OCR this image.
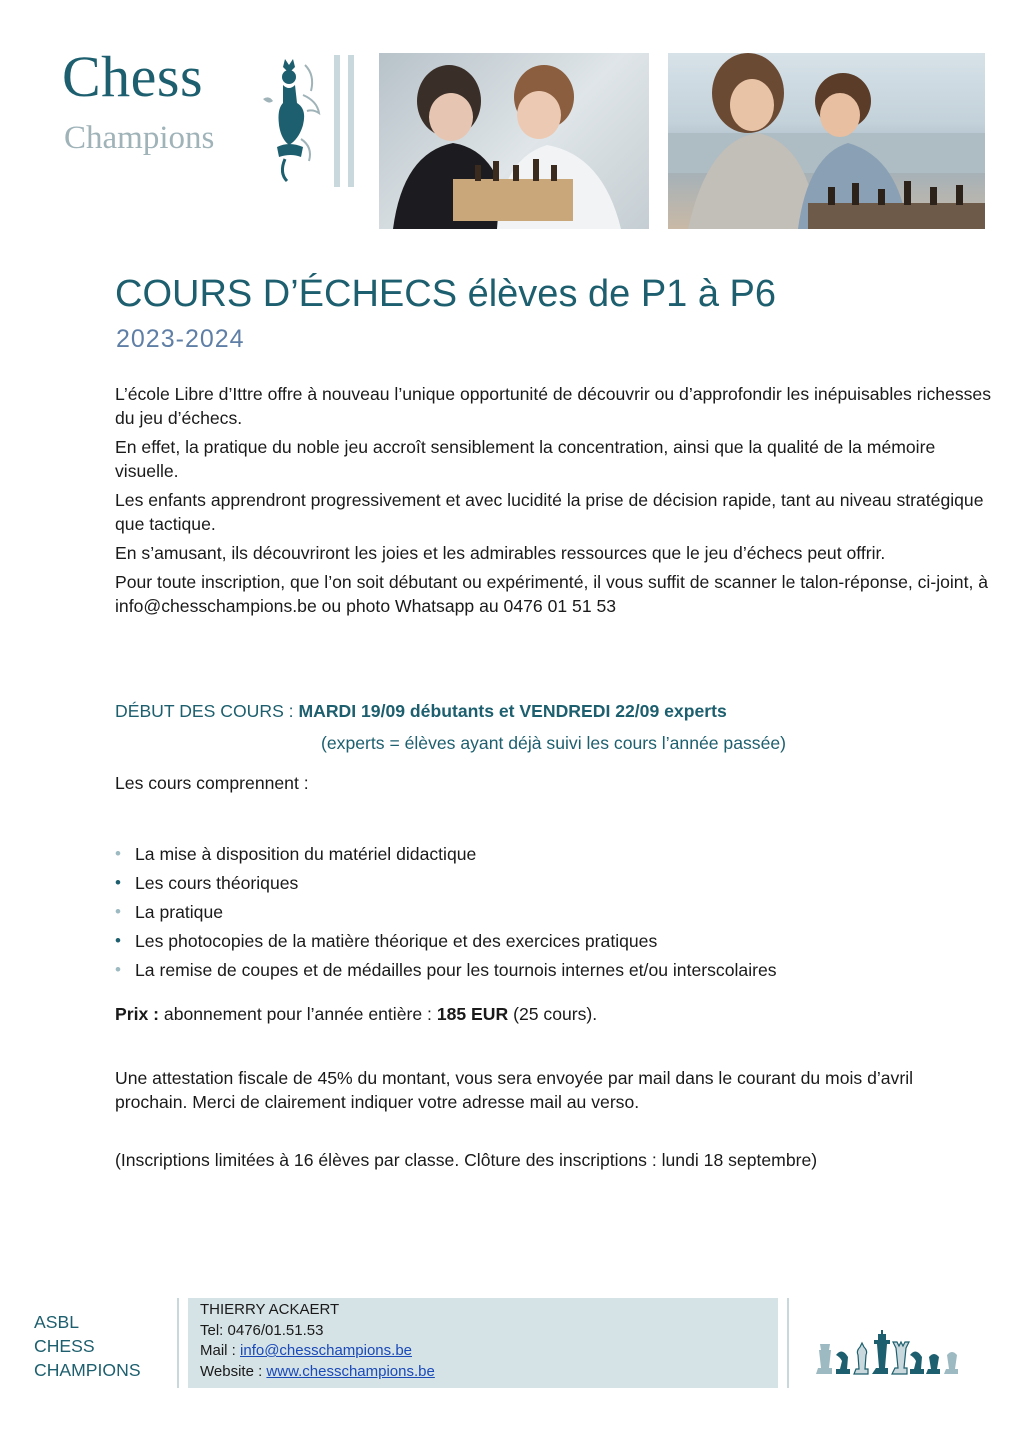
Chess
Champions
COURS D’ÉCHECS élèves de P1 à P6
2023-2024

L’école Libre d’Ittre offre à nouveau l’unique opportunité de découvrir ou d’approfondir les inépuisables richesses du jeu d’échecs.

En effet, la pratique du noble jeu accroît sensiblement la concentration, ainsi que la qualité de la mémoire visuelle.

Les enfants apprendront progressivement et avec lucidité la prise de décision rapide, tant au niveau stratégique que tactique.

En s’amusant, ils découvriront les joies et les admirables ressources que le jeu d’échecs peut offrir.

Pour toute inscription, que l’on soit débutant ou expérimenté, il vous suffit de scanner le talon-réponse, ci-joint, à info@chesschampions.be ou photo Whatsapp au 0476 01 51 53

DÉBUT DES COURS : MARDI 19/09 débutants et VENDREDI 22/09 experts
(experts = élèves ayant déjà suivi les cours l’année passée)
Les cours comprennent :
• La mise à disposition du matériel didactique
• Les cours théoriques
• La pratique
• Les photocopies de la matière théorique et des exercices pratiques
• La remise de coupes et de médailles pour les tournois internes et/ou interscolaires
Prix : abonnement pour l’année entière : 185 EUR (25 cours).
Une attestation fiscale de 45% du montant, vous sera envoyée par mail dans le courant du mois d’avril prochain. Merci de clairement indiquer votre adresse mail au verso.
(Inscriptions limitées à 16 élèves par classe. Clôture des inscriptions : lundi 18 septembre)
ASBL
CHESS
CHAMPIONS
THIERRY ACKAERT
Tel: 0476/01.51.53
Mail : info@chesschampions.be
Website : www.chesschampions.be
